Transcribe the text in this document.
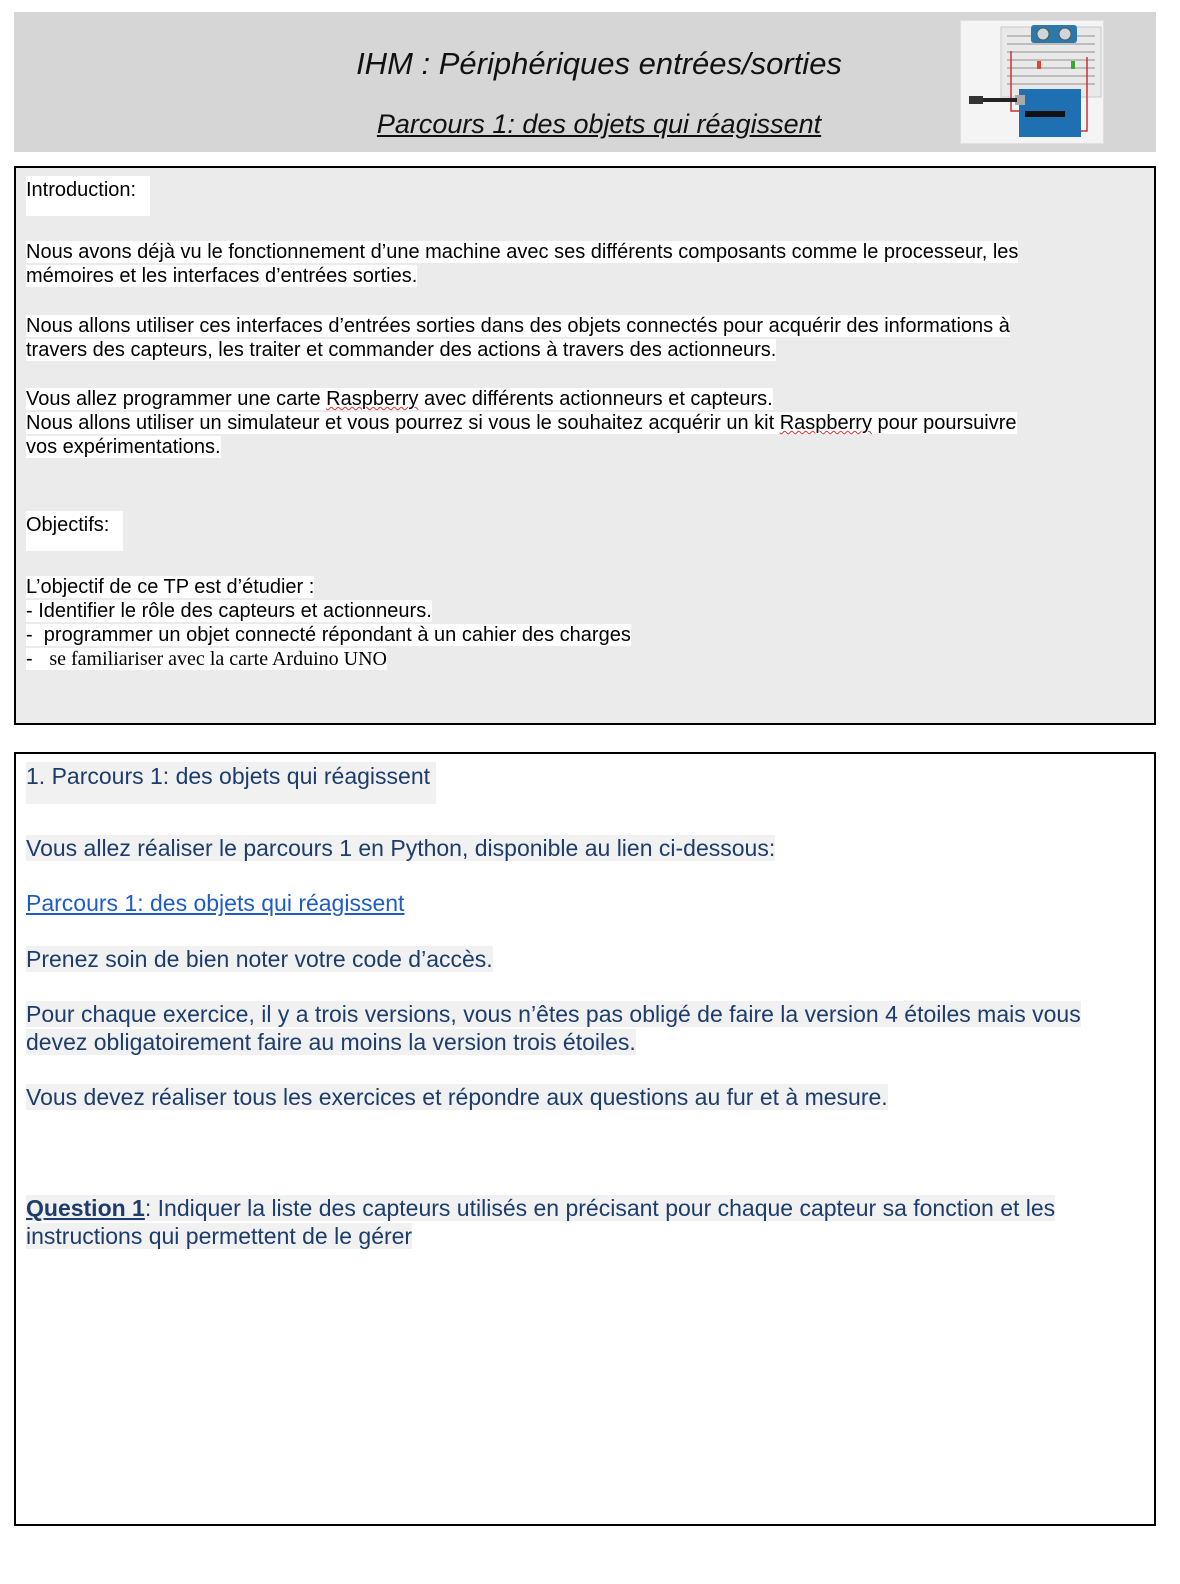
IHM : Périphériques entrées/sorties
Parcours 1: des objets qui réagissent

Introduction:

Nous avons déjà vu le fonctionnement d’une machine avec ses différents composants comme le processeur, les
mémoires et les interfaces d’entrées sorties.

Nous allons utiliser ces interfaces d’entrées sorties dans des objets connectés pour acquérir des informations à
travers des capteurs, les traiter et commander des actions à travers des actionneurs.

Vous allez programmer une carte Raspberry avec différents actionneurs et capteurs.
Nous allons utiliser un simulateur et vous pourrez si vous le souhaitez acquérir un kit Raspberry pour poursuivre
vos expérimentations.

Objectifs:

L’objectif de ce TP est d’étudier :
- Identifier le rôle des capteurs et actionneurs.
- programmer un objet connecté répondant à un cahier des charges
- se familiariser avec la carte Arduino UNO

1. Parcours 1: des objets qui réagissent

Vous allez réaliser le parcours 1 en Python, disponible au lien ci-dessous:

Parcours 1: des objets qui réagissent

Prenez soin de bien noter votre code d’accès.

Pour chaque exercice, il y a trois versions, vous n’êtes pas obligé de faire la version 4 étoiles mais vous
devez obligatoirement faire au moins la version trois étoiles.

Vous devez réaliser tous les exercices et répondre aux questions au fur et à mesure.

Question 1: Indiquer la liste des capteurs utilisés en précisant pour chaque capteur sa fonction et les
instructions qui permettent de le gérer
